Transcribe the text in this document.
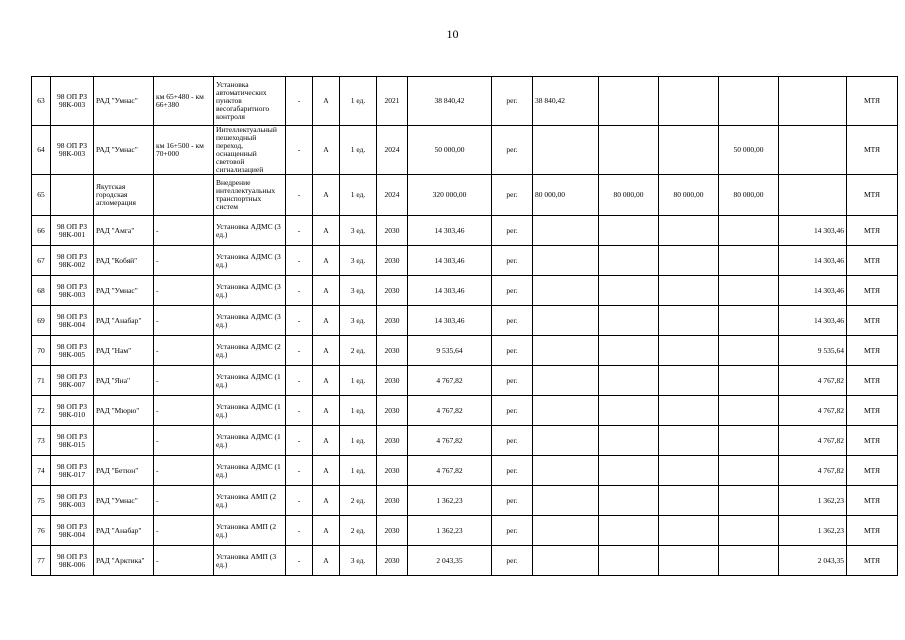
10
63	98 ОП РЗ 98К-003	РАД "Умнас"	км 65+480 - км 66+380	Установка автоматических пунктов весогабаритного контроля	-	А	1 ед.	2021	38 840,42	рег.	38 840,42					МТЯ
64	98 ОП РЗ 98К-003	РАД "Умнас"	км 16+500 - км 70+000	Интеллектуальный пешеходный переход, оснащенный световой сигнализацией	-	А	1 ед.	2024	50 000,00	рег.				50 000,00		МТЯ
65		Якутская городская агломерация		Внедрение интеллектуальных транспортных систем	-	А	1 ед.	2024	320 000,00	рег.	80 000,00	80 000,00	80 000,00	80 000,00		МТЯ
66	98 ОП РЗ 98К-001	РАД "Амга"	-	Установка АДМС (3 ед.)	-	А	3 ед.	2030	14 303,46	рег.					14 303,46	МТЯ
67	98 ОП РЗ 98К-002	РАД "Кобяй"	-	Установка АДМС (3 ед.)	-	А	3 ед.	2030	14 303,46	рег.					14 303,46	МТЯ
68	98 ОП РЗ 98К-003	РАД "Умнас"	-	Установка АДМС (3 ед.)	-	А	3 ед.	2030	14 303,46	рег.					14 303,46	МТЯ
69	98 ОП РЗ 98К-004	РАД "Анабар"	-	Установка АДМС (3 ед.)	-	А	3 ед.	2030	14 303,46	рег.					14 303,46	МТЯ
70	98 ОП РЗ 98К-005	РАД "Нам"	-	Установка АДМС (2 ед.)	-	А	2 ед.	2030	9 535,64	рег.					9 535,64	МТЯ
71	98 ОП РЗ 98К-007	РАД "Яна"	-	Установка АДМС (1 ед.)	-	А	1 ед.	2030	4 767,82	рег.					4 767,82	МТЯ
72	98 ОП РЗ 98К-010	РАД "Мюрю"	-	Установка АДМС (1 ед.)	-	А	1 ед.	2030	4 767,82	рег.					4 767,82	МТЯ
73	98 ОП РЗ 98К-015		-	Установка АДМС (1 ед.)	-	А	1 ед.	2030	4 767,82	рег.					4 767,82	МТЯ
74	98 ОП РЗ 98К-017	РАД "Бетюн"	-	Установка АДМС (1 ед.)	-	А	1 ед.	2030	4 767,82	рег.					4 767,82	МТЯ
75	98 ОП РЗ 98К-003	РАД "Умнас"	-	Установка АМП (2 ед.)	-	А	2 ед.	2030	1 362,23	рег.					1 362,23	МТЯ
76	98 ОП РЗ 98К-004	РАД "Анабар"	-	Установка АМП (2 ед.)	-	А	2 ед.	2030	1 362,23	рег.					1 362,23	МТЯ
77	98 ОП РЗ 98К-006	РАД "Арктика"	-	Установка АМП (3 ед.)	-	А	3 ед.	2030	2 043,35	рег.					2 043,35	МТЯ
